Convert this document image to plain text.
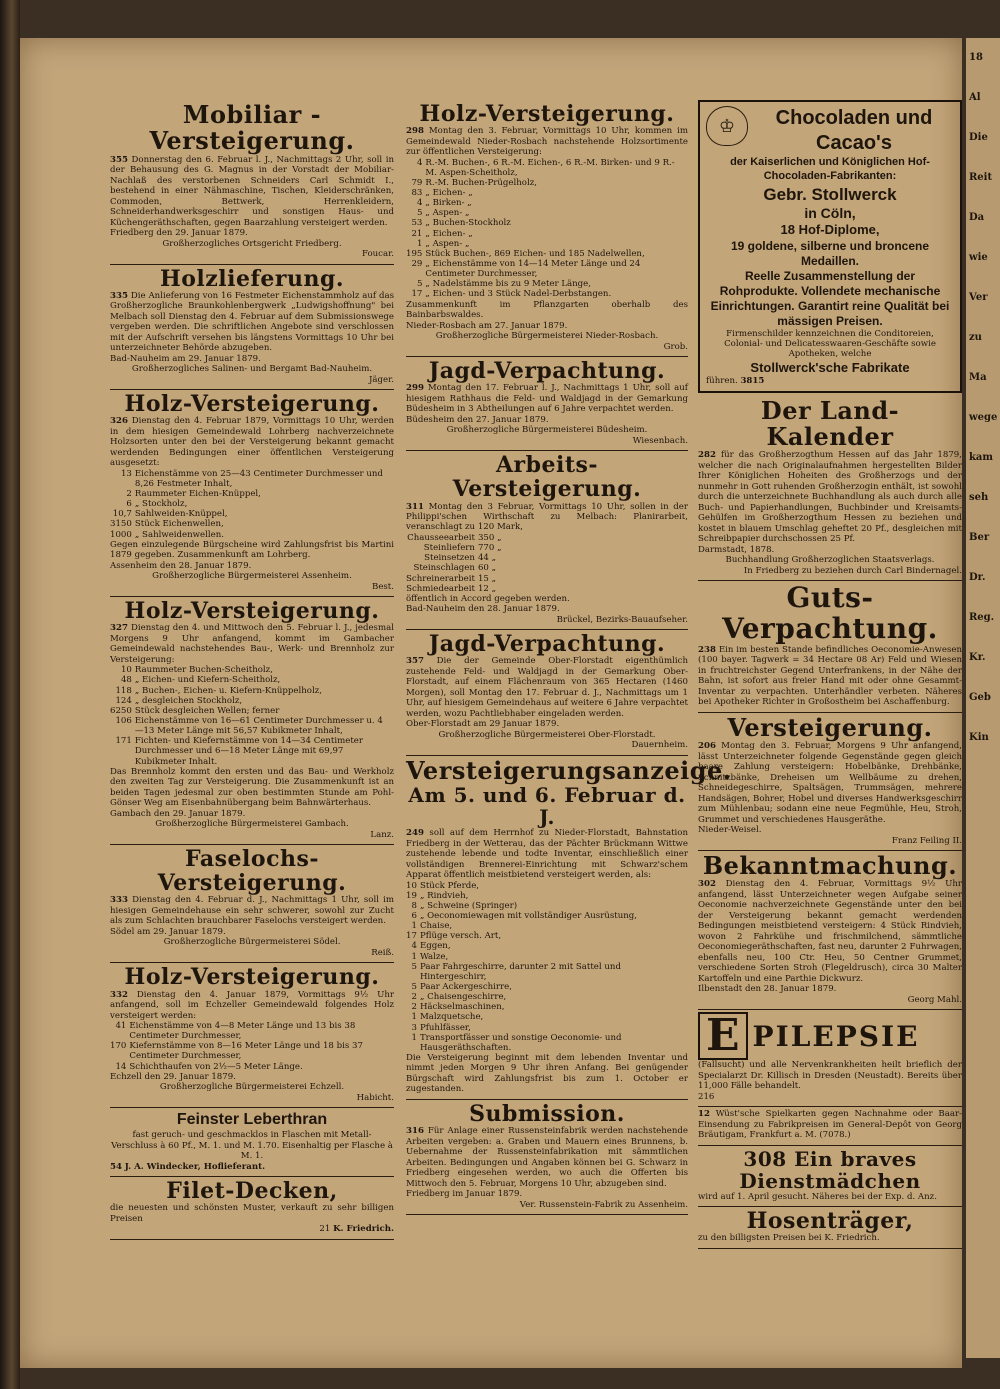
18
Al
Die
Reit
Da
wie
Ver
zu
Ma
wege
kam
seh
Ber
Dr.
Reg.
Kr.
Geb
Kin
Mobiliar - Versteigerung.
355 Donnerstag den 6. Februar l. J., Nachmittags 2 Uhr, soll in der Behausung des G. Magnus in der Vorstadt der Mobiliar-Nachlaß des verstorbenen Schneiders Carl Schmidt I., bestehend in einer Nähmaschine, Tischen, Kleiderschränken, Commoden, Bettwerk, Herrenkleidern, Schneiderhandwerksgeschirr und sonstigen Haus- und Küchengeräthschaften, gegen Baarzahlung versteigert werden.
Friedberg den 29. Januar 1879.
Großherzogliches Ortsgericht Friedberg.
Foucar.
Holzlieferung.
335 Die Anlieferung von 16 Festmeter Eichenstammholz auf das Großherzogliche Braunkohlenbergwerk „Ludwigshoffnung" bei Melbach soll Dienstag den 4. Februar auf dem Submissionswege vergeben werden. Die schriftlichen Angebote sind verschlossen mit der Aufschrift versehen bis längstens Vormittags 10 Uhr bei unterzeichneter Behörde abzugeben.
Bad-Nauheim am 29. Januar 1879.
Großherzogliches Salinen- und Bergamt Bad-Nauheim.
Jäger.
Holz-Versteigerung.
326 Dienstag den 4. Februar 1879, Vormittags 10 Uhr, werden in dem hiesigen Gemeindewald Lohrberg nachverzeichnete Holzsorten unter den bei der Versteigerung bekannt gemacht werdenden Bedingungen einer öffentlichen Versteigerung ausgesetzt:
13	Eichenstämme von 25—43 Centimeter Durchmesser und 8,26 Festmeter Inhalt,
2	Raummeter Eichen-Knüppel,
6	„ Stockholz,
10,7	Sahlweiden-Knüppel,
3150	Stück Eichenwellen,
1000	„ Sahlweidenwellen.
Gegen einzulegende Bürgscheine wird Zahlungsfrist bis Martini 1879 gegeben. Zusammenkunft am Lohrberg.
Assenheim den 28. Januar 1879.
Großherzogliche Bürgermeisterei Assenheim.
Best.
Holz-Versteigerung.
327 Dienstag den 4. und Mittwoch den 5. Februar l. J., jedesmal Morgens 9 Uhr anfangend, kommt im Gambacher Gemeindewald nachstehendes Bau-, Werk- und Brennholz zur Versteigerung:
10	Raummeter Buchen-Scheitholz,
48	„ Eichen- und Kiefern-Scheitholz,
118	„ Buchen-, Eichen- u. Kiefern-Knüppelholz,
124	„ desgleichen Stockholz,
6250	Stück desgleichen Wellen; ferner
106	Eichenstämme von 16—61 Centimeter Durchmesser u. 4—13 Meter Länge mit 56,57 Kubikmeter Inhalt,
171	Fichten- und Kiefernstämme von 14—34 Centimeter Durchmesser und 6—18 Meter Länge mit 69,97 Kubikmeter Inhalt.
Das Brennholz kommt den ersten und das Bau- und Werkholz den zweiten Tag zur Versteigerung. Die Zusammenkunft ist an beiden Tagen jedesmal zur oben bestimmten Stunde am Pohl-Gönser Weg am Eisenbahnübergang beim Bahnwärterhaus.
Gambach den 29. Januar 1879.
Großherzogliche Bürgermeisterei Gambach.
Lanz.
Faselochs-Versteigerung.
333 Dienstag den 4. Februar d. J., Nachmittags 1 Uhr, soll im hiesigen Gemeindehause ein sehr schwerer, sowohl zur Zucht als zum Schlachten brauchbarer Faselochs versteigert werden.
Södel am 29. Januar 1879.
Großherzogliche Bürgermeisterei Södel.
Reiß.
Holz-Versteigerung.
332 Dienstag den 4. Januar 1879, Vormittags 9½ Uhr anfangend, soll im Echzeller Gemeindewald folgendes Holz versteigert werden:
41	Eichenstämme von 4—8 Meter Länge und 13 bis 38 Centimeter Durchmesser,
170	Kiefernstämme von 8—16 Meter Länge und 18 bis 37 Centimeter Durchmesser,
14	Schichthaufen von 2½—5 Meter Länge.
Echzell den 29. Januar 1879.
Großherzogliche Bürgermeisterei Echzell.
Habicht.
Feinster Leberthran
fast geruch- und geschmacklos in Flaschen mit Metall-Verschluss à 60 Pf., M. 1. und M. 1.70. Eisenhaltig per Flasche à M. 1.
54 J. A. Windecker, Hoflieferant.
Filet-Decken,
die neuesten und schönsten Muster, verkauft zu sehr billigen Preisen
21 K. Friedrich.
Holz-Versteigerung.
298 Montag den 3. Februar, Vormittags 10 Uhr, kommen im Gemeindewald Nieder-Rosbach nachstehende Holzsortimente zur öffentlichen Versteigerung:
4	R.-M. Buchen-, 6 R.-M. Eichen-, 6 R.-M. Birken- und 9 R.-M. Aspen-Scheitholz,
79	R.-M. Buchen-Prügelholz,
83	„ Eichen- „
4	„ Birken- „
5	„ Aspen- „
53	„ Buchen-Stockholz
21	„ Eichen- „
1	„ Aspen- „
195	Stück Buchen-, 869 Eichen- und 185 Nadelwellen,
29	„ Eichenstämme von 14—14 Meter Länge und 24 Centimeter Durchmesser,
5	„ Nadelstämme bis zu 9 Meter Länge,
17	„ Eichen- und 3 Stück Nadel-Derbstangen.
Zusammenkunft im Pflanzgarten oberhalb des Bainbarbswaldes.
Nieder-Rosbach am 27. Januar 1879.
Großherzogliche Bürgermeisterei Nieder-Rosbach.
Grob.
Jagd-Verpachtung.
299 Montag den 17. Februar l. J., Nachmittags 1 Uhr, soll auf hiesigem Rathhaus die Feld- und Waldjagd in der Gemarkung Büdesheim in 3 Abtheilungen auf 6 Jahre verpachtet werden.
Büdesheim den 27. Januar 1879.
Großherzogliche Bürgermeisterei Büdesheim.
Wiesenbach.
Arbeits-Versteigerung.
311 Montag den 3 Februar, Vormittags 10 Uhr, sollen in der Philippi'schen Wirthschaft zu Melbach: Planirarbeit, veranschlagt zu 120 Mark,
Chausseearbeit	350 „
Steinliefern	770 „
Steinsetzen	44 „
Steinschlagen	60 „
Schreinerarbeit	15 „
Schmiedearbeit	12 „
öffentlich in Accord gegeben werden.
Bad-Nauheim den 28. Januar 1879.
Brückel, Bezirks-Bauaufseher.
Jagd-Verpachtung.
357 Die der Gemeinde Ober-Florstadt eigenthümlich zustehende Feld- und Waldjagd in der Gemarkung Ober-Florstadt, auf einem Flächenraum von 365 Hectaren (1460 Morgen), soll Montag den 17. Februar d. J., Nachmittags um 1 Uhr, auf hiesigem Gemeindehaus auf weitere 6 Jahre verpachtet werden, wozu Pachtliebhaber eingeladen werden.
Ober-Florstadt am 29 Januar 1879.
Großherzogliche Bürgermeisterei Ober-Florstadt.
Dauernheim.
Versteigerungsanzeige.
Am 5. und 6. Februar d. J.
249 soll auf dem Herrnhof zu Nieder-Florstadt, Bahnstation Friedberg in der Wetterau, das der Pächter Brückmann Wittwe zustehende lebende und todte Inventar, einschließlich einer vollständigen Brennerei-Einrichtung mit Schwarz'schem Apparat öffentlich meistbietend versteigert werden, als:
10	Stück Pferde,
19	„ Rindvieh,
8	„ Schweine (Springer)
6	„ Oeconomiewagen mit vollständiger Ausrüstung,
1	Chaise,
17	Pflüge versch. Art,
4	Eggen,
1	Walze,
5	Paar Fahrgeschirre, darunter 2 mit Sattel und Hintergeschirr,
5	Paar Ackergeschirre,
2	„ Chaisengeschirre,
2	Häckselmaschinen,
1	Malzquetsche,
3	Pfuhlfässer,
1	Transportfässer und sonstige Oeconomie- und Hausgeräthschaften.
Die Versteigerung beginnt mit dem lebenden Inventar und nimmt jeden Morgen 9 Uhr ihren Anfang. Bei genügender Bürgschaft wird Zahlungsfrist bis zum 1. October er zugestanden.
Submission.
316 Für Anlage einer Russensteinfabrik werden nachstehende Arbeiten vergeben: a. Graben und Mauern eines Brunnens, b. Uebernahme der Russensteinfabrikation mit sämmtlichen Arbeiten. Bedingungen und Angaben können bei G. Schwarz in Friedberg eingesehen werden, wo auch die Offerten bis Mittwoch den 5. Februar, Morgens 10 Uhr, abzugeben sind.
Friedberg im Januar 1879.
Ver. Russenstein-Fabrik zu Assenheim.
♔	Chocoladen und Cacao's
der Kaiserlichen und Königlichen Hof-Chocoladen-Fabrikanten:
Gebr. Stollwerck
in Cöln,
18 Hof-Diplome,
19 goldene, silberne und broncene Medaillen.
Reelle Zusammenstellung der Rohprodukte. Vollendete mechanische Einrichtungen. Garantirt reine Qualität bei mässigen Preisen.
Firmenschilder kennzeichnen die Conditoreien, Colonial- und Delicatesswaaren-Geschäfte sowie Apotheken, welche
Stollwerck'sche Fabrikate
führen. 3815
Der Land-Kalender
282 für das Großherzogthum Hessen auf das Jahr 1879, welcher die nach Originalaufnahmen hergestellten Bilder Ihrer Königlichen Hoheiten des Großherzogs und der nunmehr in Gott ruhenden Großherzogin enthält, ist sowohl durch die unterzeichnete Buchhandlung als auch durch alle Buch- und Papierhandlungen, Buchbinder und Kreisamts-Gehülfen im Großherzogthum Hessen zu beziehen und kostet in blauem Umschlag geheftet 20 Pf., desgleichen mit Schreibpapier durchschossen 25 Pf.
Darmstadt, 1878.
Buchhandlung Großherzoglichen Staatsverlags.
In Friedberg zu beziehen durch Carl Bindernagel.
Guts-Verpachtung.
238 Ein im besten Stande befindliches Oeconomie-Anwesen (100 bayer. Tagwerk = 34 Hectare 08 Ar) Feld und Wiesen in fruchtreichster Gegend Unterfrankens, in der Nähe der Bahn, ist sofort aus freier Hand mit oder ohne Gesammt-Inventar zu verpachten. Unterhändler verbeten. Näheres bei Apotheker Richter in Großostheim bei Aschaffenburg.
Versteigerung.
206 Montag den 3. Februar, Morgens 9 Uhr anfangend, lässt Unterzeichneter folgende Gegenstände gegen gleich baare Zahlung versteigern: Hobelbänke, Drehbänke, Schnitzbänke, Dreheisen um Wellbäume zu drehen, Schneidegeschirre, Spaltsägen, Trummsägen, mehrere Handsägen, Bohrer, Hobel und diverses Handwerksgeschirr zum Mühlenbau; sodann eine neue Fegmühle, Heu, Stroh, Grummet und verschiedenes Hausgeräthe.
Nieder-Weisel.
Franz Feiling II.
Bekanntmachung.
302 Dienstag den 4. Februar, Vormittags 9½ Uhr anfangend, lässt Unterzeichneter wegen Aufgabe seiner Oeconomie nachverzeichnete Gegenstände unter den bei der Versteigerung bekannt gemacht werdenden Bedingungen meistbietend versteigern: 4 Stück Rindvieh, wovon 2 Fahrkühe und frischmilchend, sämmtliche Oeconomiegeräthschaften, fast neu, darunter 2 Fuhrwagen, ebenfalls neu, 100 Ctr. Heu, 50 Centner Grummet, verschiedene Sorten Stroh (Flegeldrusch), circa 30 Malter Kartoffeln und eine Parthie Dickwurz.
Ilbenstadt den 28. Januar 1879.
Georg Mahl.
E PILEPSIE
(Fallsucht) und alle Nervenkrankheiten heilt brieflich der Specialarzt Dr. Killisch in Dresden (Neustadt). Bereits über 11,000 Fälle behandelt.
216
12 Wüst'sche Spielkarten gegen Nachnahme oder Baar-Einsendung zu Fabrikpreisen im General-Depôt von Georg Bräutigam, Frankfurt a. M. (7078.)
308 Ein braves Dienstmädchen
wird auf 1. April gesucht. Näheres bei der Exp. d. Anz.
Hosenträger,
zu den billigsten Preisen bei K. Friedrich.
